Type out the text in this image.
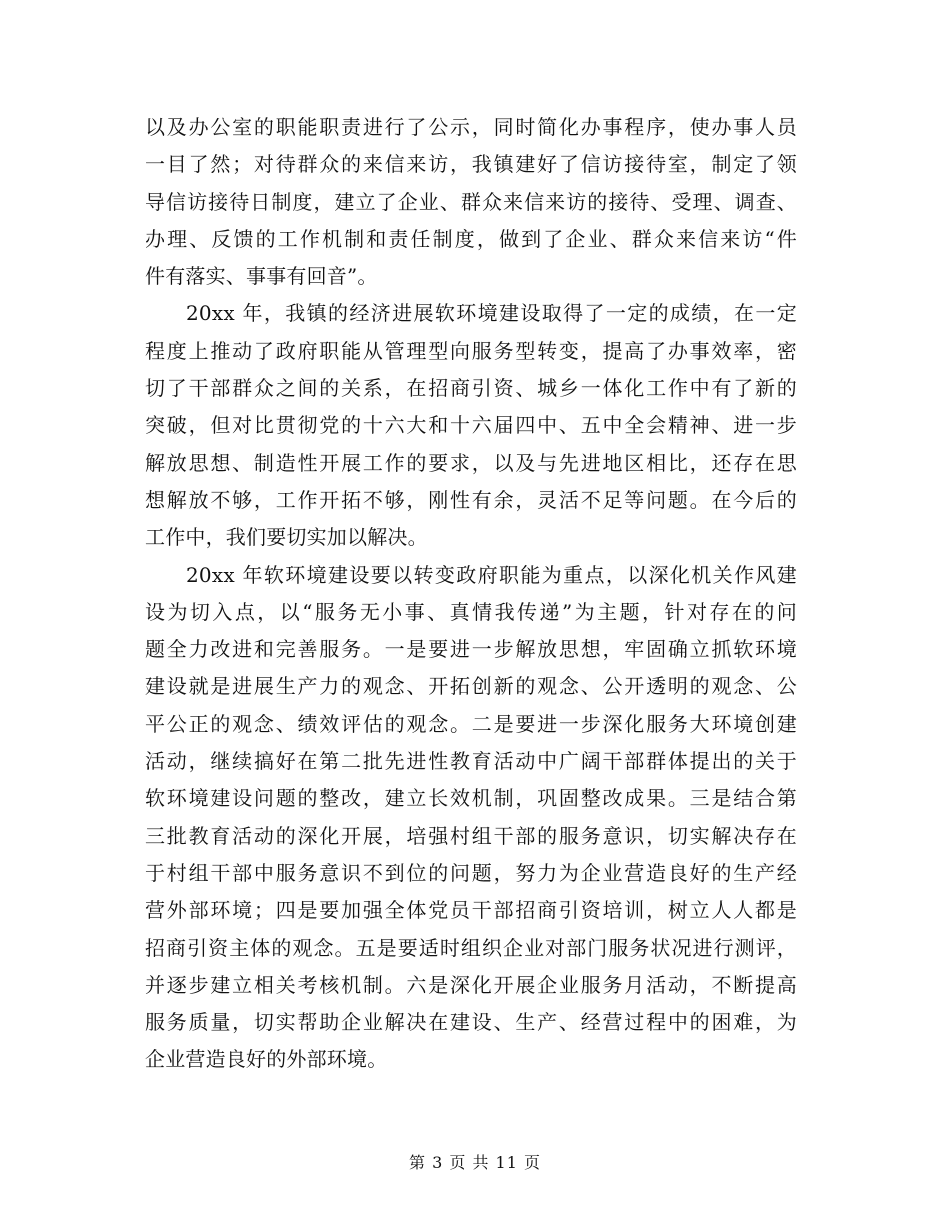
以及办公室的职能职责进行了公示，同时简化办事程序，使办事人员
一目了然；对待群众的来信来访，我镇建好了信访接待室，制定了领
导信访接待日制度，建立了企业、群众来信来访的接待、受理、调查、
办理、反馈的工作机制和责任制度，做到了企业、群众来信来访“件
件有落实、事事有回音”。
20xx 年，我镇的经济进展软环境建设取得了一定的成绩，在一定
程度上推动了政府职能从管理型向服务型转变，提高了办事效率，密
切了干部群众之间的关系，在招商引资、城乡一体化工作中有了新的
突破，但对比贯彻党的十六大和十六届四中、五中全会精神、进一步
解放思想、制造性开展工作的要求，以及与先进地区相比，还存在思
想解放不够，工作开拓不够，刚性有余，灵活不足等问题。在今后的
工作中，我们要切实加以解决。
20xx 年软环境建设要以转变政府职能为重点，以深化机关作风建
设为切入点，以“服务无小事、真情我传递”为主题，针对存在的问
题全力改进和完善服务。一是要进一步解放思想，牢固确立抓软环境
建设就是进展生产力的观念、开拓创新的观念、公开透明的观念、公
平公正的观念、绩效评估的观念。二是要进一步深化服务大环境创建
活动，继续搞好在第二批先进性教育活动中广阔干部群体提出的关于
软环境建设问题的整改，建立长效机制，巩固整改成果。三是结合第
三批教育活动的深化开展，培强村组干部的服务意识，切实解决存在
于村组干部中服务意识不到位的问题，努力为企业营造良好的生产经
营外部环境；四是要加强全体党员干部招商引资培训，树立人人都是
招商引资主体的观念。五是要适时组织企业对部门服务状况进行测评，
并逐步建立相关考核机制。六是深化开展企业服务月活动，不断提高
服务质量，切实帮助企业解决在建设、生产、经营过程中的困难，为
企业营造良好的外部环境。
第 3 页 共 11 页
